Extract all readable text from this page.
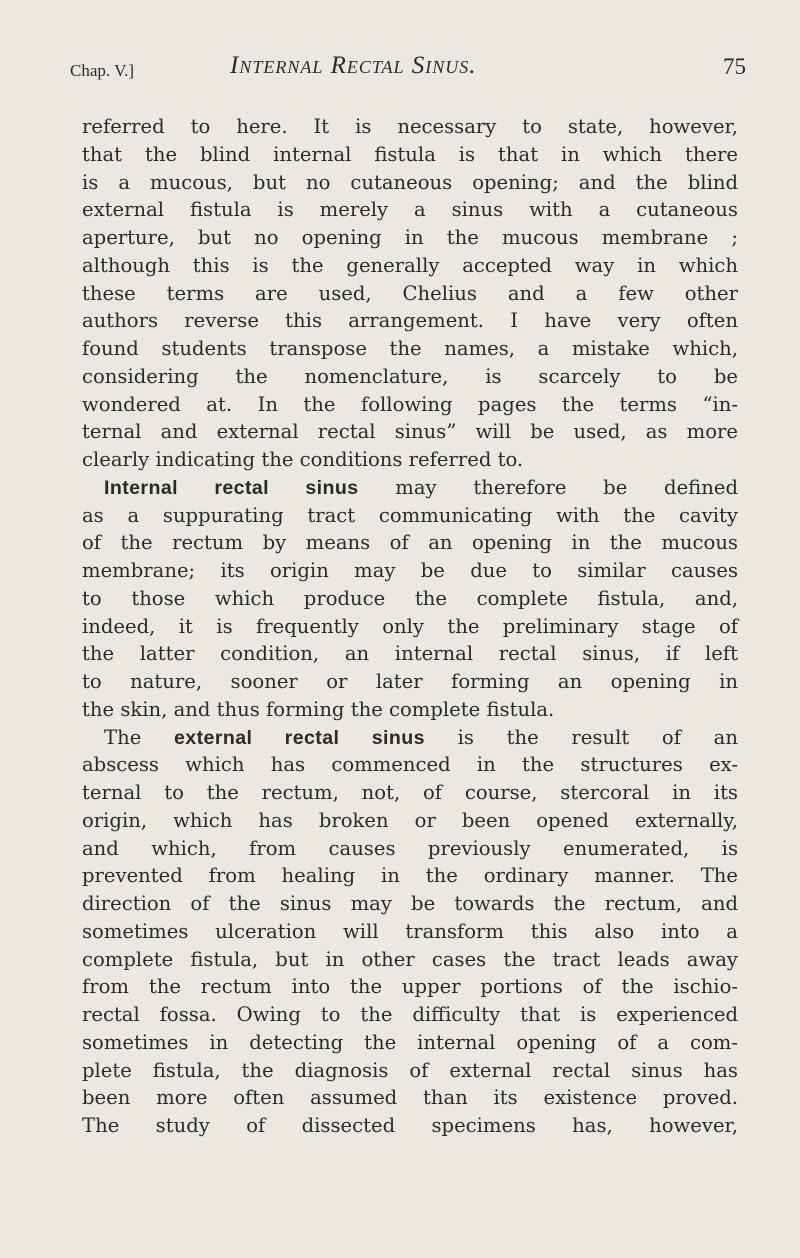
Chap. V.]	Internal Rectal Sinus.	75
referred to here. It is necessary to state, however,
that the blind internal fistula is that in which there
is a mucous, but no cutaneous opening; and the blind
external fistula is merely a sinus with a cutaneous
aperture, but no opening in the mucous membrane ;
although this is the generally accepted way in which
these terms are used, Chelius and a few other
authors reverse this arrangement. I have very often
found students transpose the names, a mistake which,
considering the nomenclature, is scarcely to be
wondered at. In the following pages the terms “in-
ternal and external rectal sinus” will be used, as more
clearly indicating the conditions referred to.
Internal rectal sinus may therefore be defined
as a suppurating tract communicating with the cavity
of the rectum by means of an opening in the mucous
membrane; its origin may be due to similar causes
to those which produce the complete fistula, and,
indeed, it is frequently only the preliminary stage of
the latter condition, an internal rectal sinus, if left
to nature, sooner or later forming an opening in
the skin, and thus forming the complete fistula.
The external rectal sinus is the result of an
abscess which has commenced in the structures ex-
ternal to the rectum, not, of course, stercoral in its
origin, which has broken or been opened externally,
and which, from causes previously enumerated, is
prevented from healing in the ordinary manner. The
direction of the sinus may be towards the rectum, and
sometimes ulceration will transform this also into a
complete fistula, but in other cases the tract leads away
from the rectum into the upper portions of the ischio-
rectal fossa. Owing to the difficulty that is experienced
sometimes in detecting the internal opening of a com-
plete fistula, the diagnosis of external rectal sinus has
been more often assumed than its existence proved.
The study of dissected specimens has, however,
